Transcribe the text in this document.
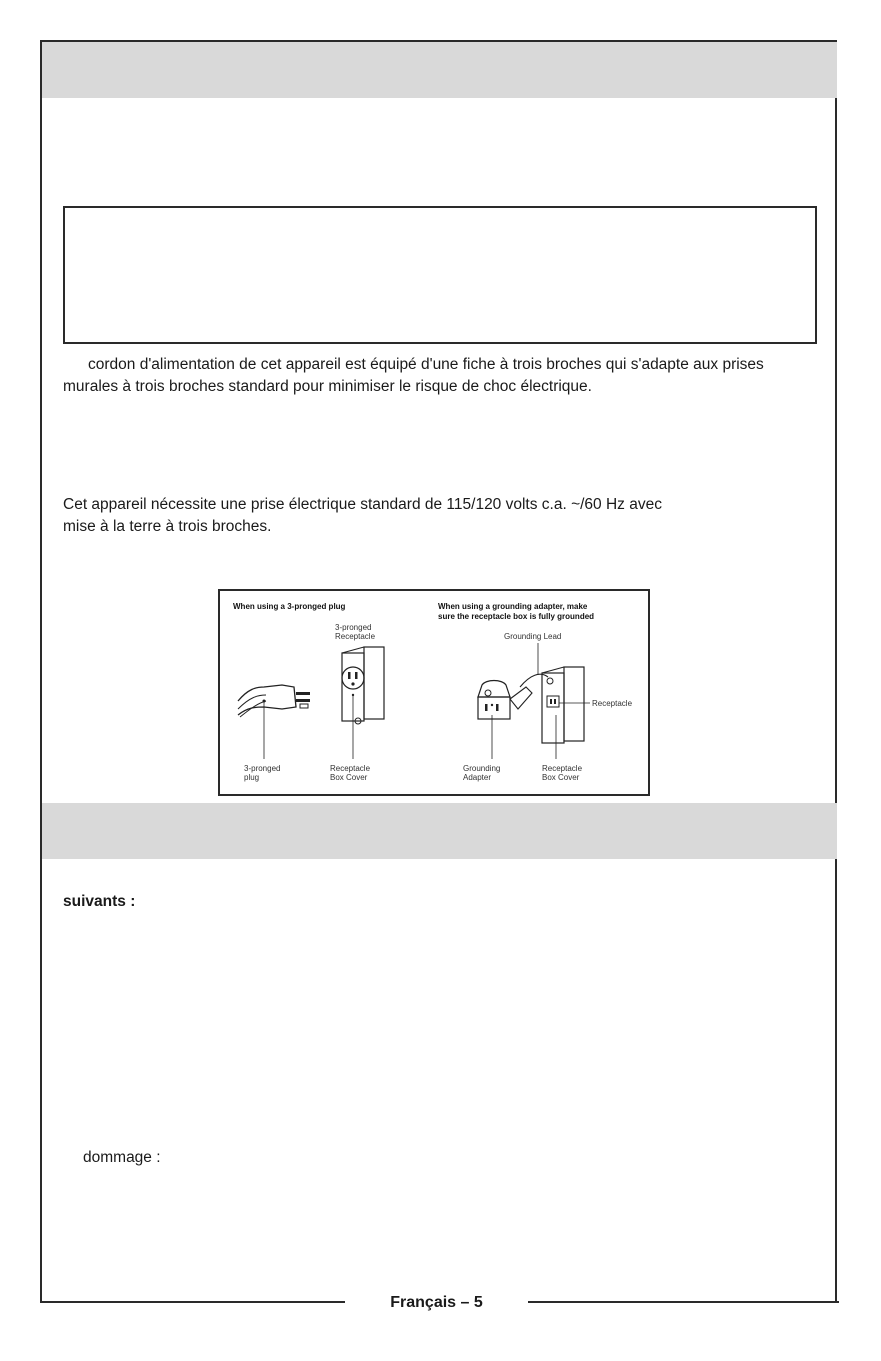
cordon d'alimentation de cet appareil est équipé d'une fiche à trois broches qui s'adapte aux prises
murales à trois broches standard pour minimiser le risque de choc électrique.
Cet appareil nécessite une prise électrique standard de 115/120 volts c.a. ~/60 Hz avec
mise à la terre à trois broches.
When using a 3-pronged plug	When using a grounding adapter, make
sure the receptacle box is fully grounded
3-pronged
Receptacle
3-pronged
plug
Receptacle
Box Cover
Grounding Lead
Receptacle
Grounding
Adapter
Receptacle
Box Cover
suivants :
dommage :
Français – 5
